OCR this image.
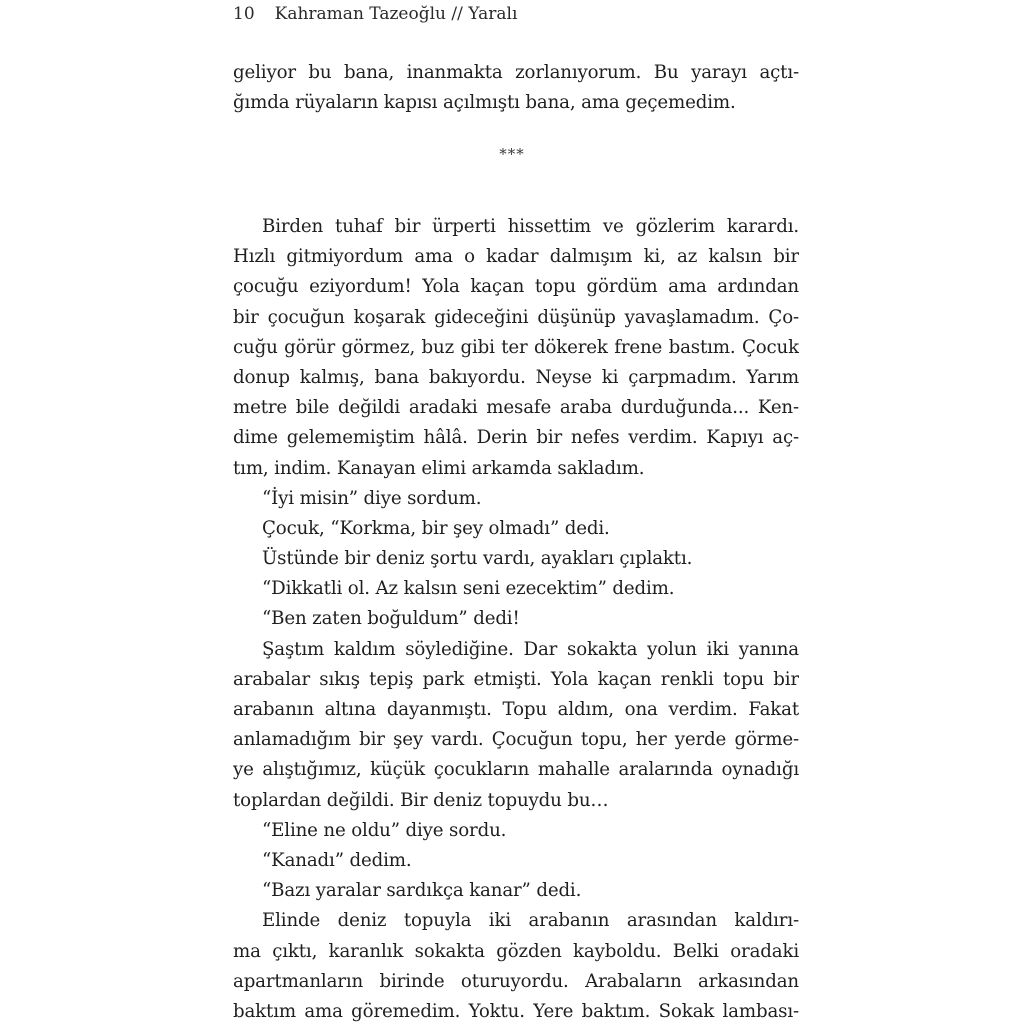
10 Kahraman Tazeoğlu // Yaralı
geliyor bu bana, inanmakta zorlanıyorum. Bu yarayı açtı-
ğımda rüyaların kapısı açılmıştı bana, ama geçemedim.
***
Birden tuhaf bir ürperti hissettim ve gözlerim karardı.
Hızlı gitmiyordum ama o kadar dalmışım ki, az kalsın bir
çocuğu eziyordum! Yola kaçan topu gördüm ama ardından
bir çocuğun koşarak gideceğini düşünüp yavaşlamadım. Ço-
cuğu görür görmez, buz gibi ter dökerek frene bastım. Çocuk
donup kalmış, bana bakıyordu. Neyse ki çarpmadım. Yarım
metre bile değildi aradaki mesafe araba durduğunda... Ken-
dime gelememiştim hâlâ. Derin bir nefes verdim. Kapıyı aç-
tım, indim. Kanayan elimi arkamda sakladım.
“İyi misin” diye sordum.
Çocuk, “Korkma, bir şey olmadı” dedi.
Üstünde bir deniz şortu vardı, ayakları çıplaktı.
“Dikkatli ol. Az kalsın seni ezecektim” dedim.
“Ben zaten boğuldum” dedi!
Şaştım kaldım söylediğine. Dar sokakta yolun iki yanına
arabalar sıkış tepiş park etmişti. Yola kaçan renkli topu bir
arabanın altına dayanmıştı. Topu aldım, ona verdim. Fakat
anlamadığım bir şey vardı. Çocuğun topu, her yerde görme-
ye alıştığımız, küçük çocukların mahalle aralarında oynadığı
toplardan değildi. Bir deniz topuydu bu…
“Eline ne oldu” diye sordu.
“Kanadı” dedim.
“Bazı yaralar sardıkça kanar” dedi.
Elinde deniz topuyla iki arabanın arasından kaldırı-
ma çıktı, karanlık sokakta gözden kayboldu. Belki oradaki
apartmanların birinde oturuyordu. Arabaların arkasından
baktım ama göremedim. Yoktu. Yere baktım. Sokak lambası-
